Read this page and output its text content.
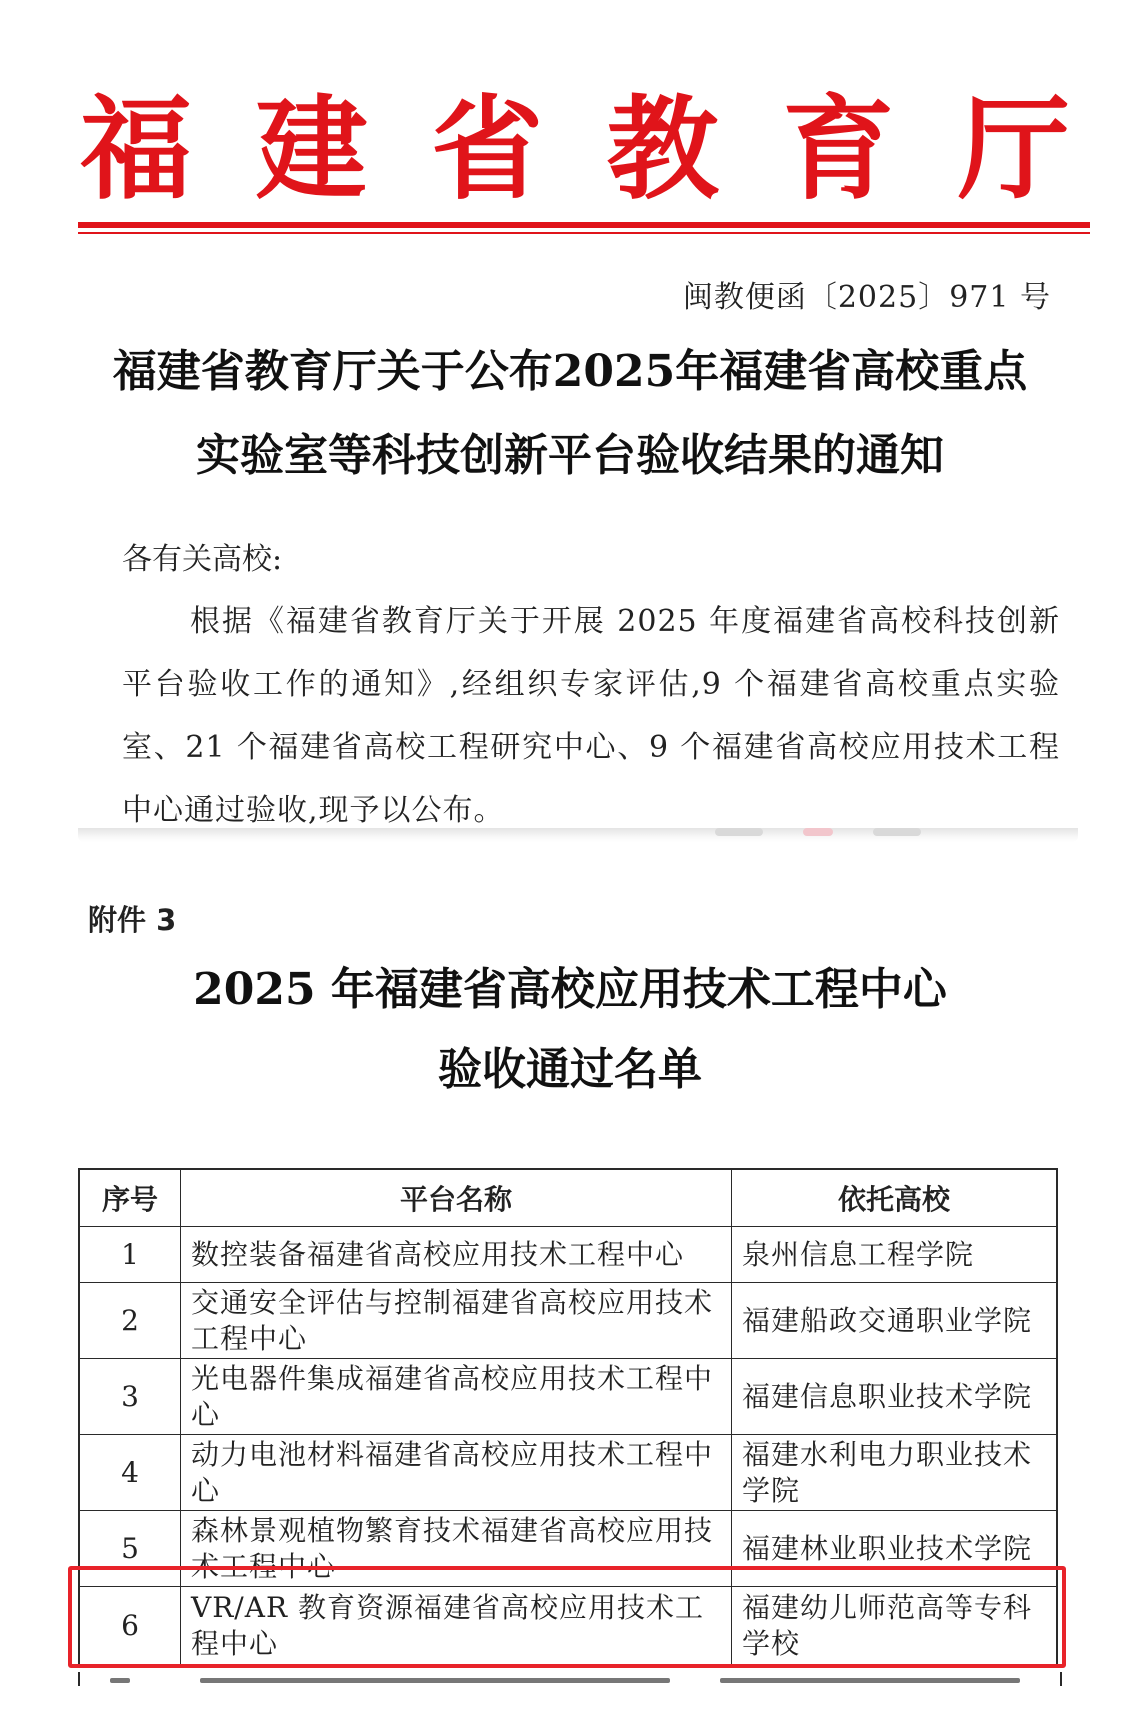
福 建 省 教 育 厅
闽教便函〔2025〕971 号
福建省教育厅关于公布2025年福建省高校重点
实验室等科技创新平台验收结果的通知
各有关高校:
根据《福建省教育厅关于开展 2025 年度福建省高校科技创新平台验收工作的通知》,经组织专家评估,9 个福建省高校重点实验室、21 个福建省高校工程研究中心、9 个福建省高校应用技术工程中心通过验收,现予以公布。
附件 3
2025 年福建省高校应用技术工程中心
验收通过名单
序号	平台名称	依托高校
1	数控装备福建省高校应用技术工程中心	泉州信息工程学院
2	交通安全评估与控制福建省高校应用技术工程中心	福建船政交通职业学院
3	光电器件集成福建省高校应用技术工程中心	福建信息职业技术学院
4	动力电池材料福建省高校应用技术工程中心	福建水利电力职业技术学院
5	森林景观植物繁育技术福建省高校应用技术工程中心	福建林业职业技术学院
6	VR/AR 教育资源福建省高校应用技术工程中心	福建幼儿师范高等专科学校
